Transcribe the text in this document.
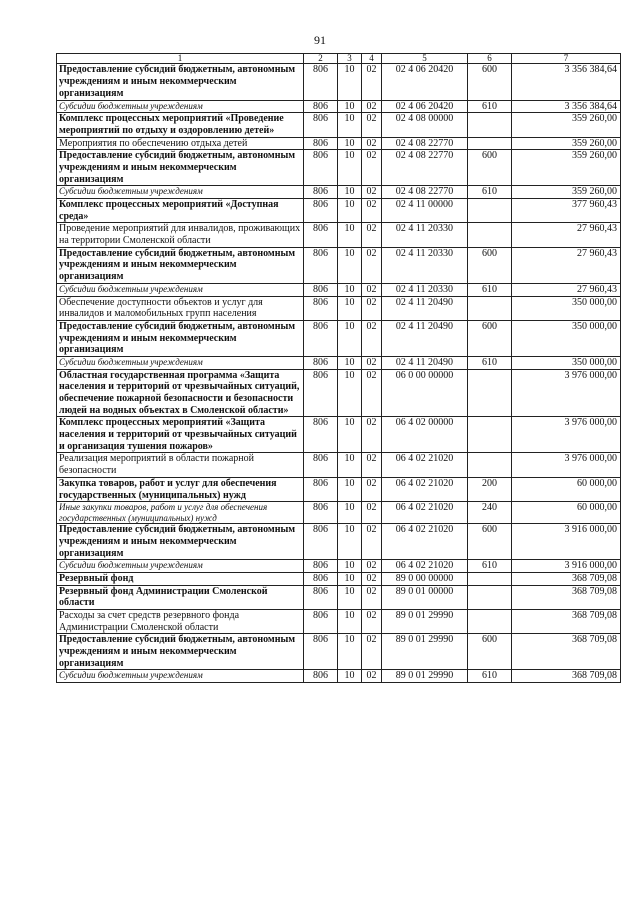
91
1	2	3	4	5	6	7
Предоставление субсидий бюджетным, автономным учреждениям и иным некоммерческим организациям	806	10	02	02 4 06 20420	600	3 356 384,64
Субсидии бюджетным учреждениям	806	10	02	02 4 06 20420	610	3 356 384,64
Комплекс процессных мероприятий «Проведение мероприятий по отдыху и оздоровлению детей»	806	10	02	02 4 08 00000		359 260,00
Мероприятия по обеспечению отдыха детей	806	10	02	02 4 08 22770		359 260,00
Предоставление субсидий бюджетным, автономным учреждениям и иным некоммерческим организациям	806	10	02	02 4 08 22770	600	359 260,00
Субсидии бюджетным учреждениям	806	10	02	02 4 08 22770	610	359 260,00
Комплекс процессных мероприятий «Доступная среда»	806	10	02	02 4 11 00000		377 960,43
Проведение мероприятий для инвалидов, проживающих на территории Смоленской области	806	10	02	02 4 11 20330		27 960,43
Предоставление субсидий бюджетным, автономным учреждениям и иным некоммерческим организациям	806	10	02	02 4 11 20330	600	27 960,43
Субсидии бюджетным учреждениям	806	10	02	02 4 11 20330	610	27 960,43
Обеспечение доступности объектов и услуг для инвалидов и маломобильных групп населения	806	10	02	02 4 11 20490		350 000,00
Предоставление субсидий бюджетным, автономным учреждениям и иным некоммерческим организациям	806	10	02	02 4 11 20490	600	350 000,00
Субсидии бюджетным учреждениям	806	10	02	02 4 11 20490	610	350 000,00
Областная государственная программа «Защита населения и территорий от чрезвычайных ситуаций, обеспечение пожарной безопасности и безопасности людей на водных объектах в Смоленской области»	806	10	02	06 0 00 00000		3 976 000,00
Комплекс процессных мероприятий «Защита населения и территорий от чрезвычайных ситуаций и организация тушения пожаров»	806	10	02	06 4 02 00000		3 976 000,00
Реализация мероприятий в области пожарной безопасности	806	10	02	06 4 02 21020		3 976 000,00
Закупка товаров, работ и услуг для обеспечения государственных (муниципальных) нужд	806	10	02	06 4 02 21020	200	60 000,00
Иные закупки товаров, работ и услуг для обеспечения государственных (муниципальных) нужд	806	10	02	06 4 02 21020	240	60 000,00
Предоставление субсидий бюджетным, автономным учреждениям и иным некоммерческим организациям	806	10	02	06 4 02 21020	600	3 916 000,00
Субсидии бюджетным учреждениям	806	10	02	06 4 02 21020	610	3 916 000,00
Резервный фонд	806	10	02	89 0 00 00000		368 709,08
Резервный фонд Администрации Смоленской области	806	10	02	89 0 01 00000		368 709,08
Расходы за счет средств резервного фонда Администрации Смоленской области	806	10	02	89 0 01 29990		368 709,08
Предоставление субсидий бюджетным, автономным учреждениям и иным некоммерческим организациям	806	10	02	89 0 01 29990	600	368 709,08
Субсидии бюджетным учреждениям	806	10	02	89 0 01 29990	610	368 709,08
